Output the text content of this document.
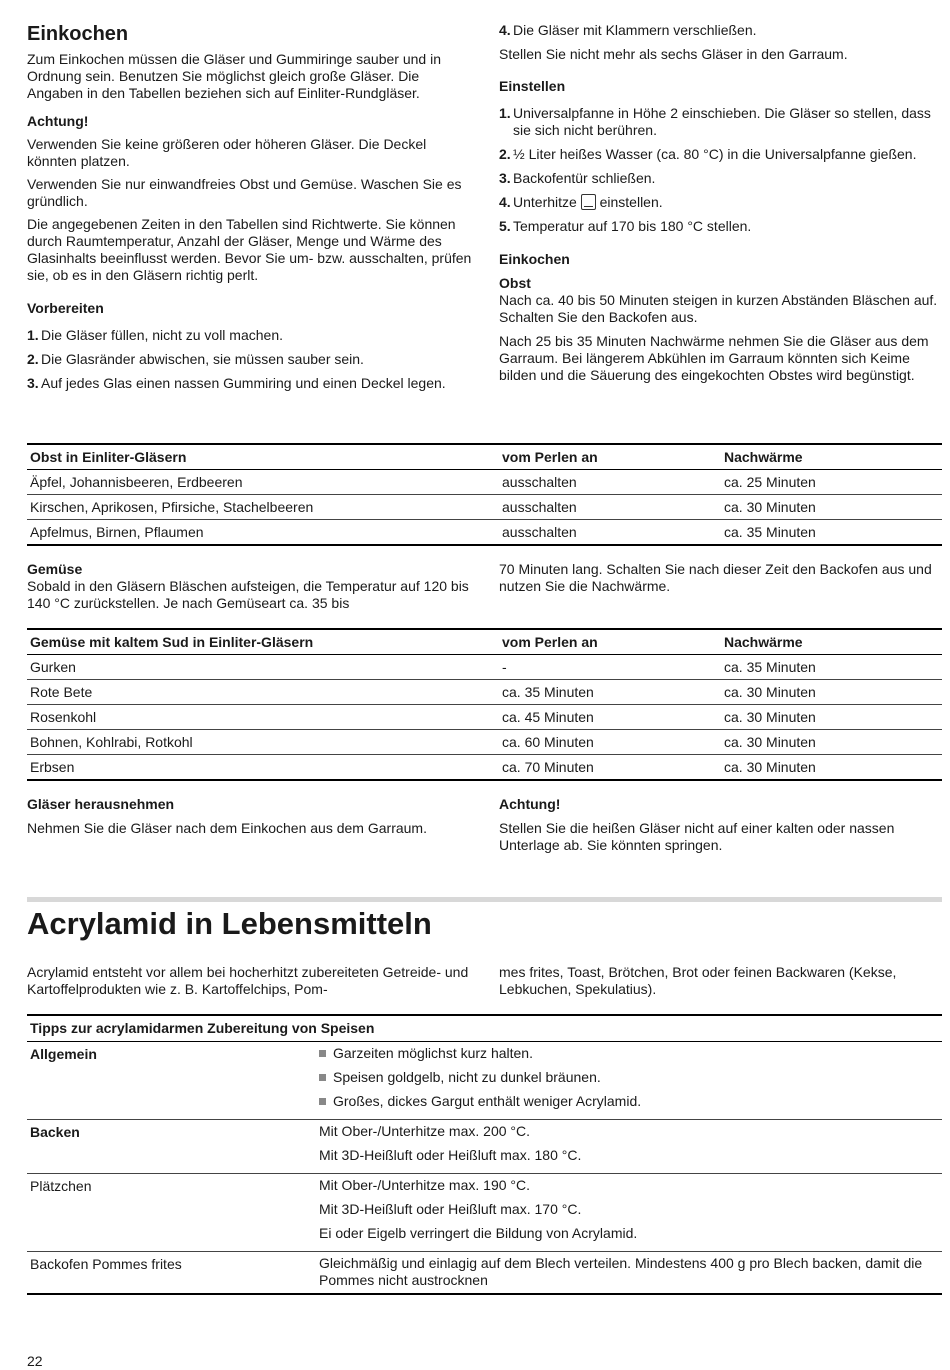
Einkochen

Zum Einkochen müssen die Gläser und Gummiringe sauber und in Ordnung sein. Benutzen Sie möglichst gleich große Gläser. Die Angaben in den Tabellen beziehen sich auf Einliter-Rundgläser.

Achtung!

Verwenden Sie keine größeren oder höheren Gläser. Die Deckel könnten platzen.

Verwenden Sie nur einwandfreies Obst und Gemüse. Waschen Sie es gründlich.

Die angegebenen Zeiten in den Tabellen sind Richtwerte. Sie können durch Raumtemperatur, Anzahl der Gläser, Menge und Wärme des Glasinhalts beeinflusst werden. Bevor Sie um- bzw. ausschalten, prüfen sie, ob es in den Gläsern richtig perlt.

Vorbereiten
1. Die Gläser füllen, nicht zu voll machen.
2. Die Glasränder abwischen, sie müssen sauber sein.
3. Auf jedes Glas einen nassen Gummiring und einen Deckel legen.
4. Die Gläser mit Klammern verschließen.

Stellen Sie nicht mehr als sechs Gläser in den Garraum.

Einstellen
1. Universalpfanne in Höhe 2 einschieben. Die Gläser so stellen, dass sie sich nicht berühren.
2. ½ Liter heißes Wasser (ca. 80 °C) in die Universalpfanne gießen.
3. Backofentür schließen.
4. Unterhitze einstellen.
5. Temperatur auf 170 bis 180 °C stellen.
Einkochen
Obst

Nach ca. 40 bis 50 Minuten steigen in kurzen Abständen Bläschen auf. Schalten Sie den Backofen aus.

Nach 25 bis 35 Minuten Nachwärme nehmen Sie die Gläser aus dem Garraum. Bei längerem Abkühlen im Garraum könnten sich Keime bilden und die Säuerung des eingekochten Obstes wird begünstigt.

Obst in Einliter-Gläsern	vom Perlen an	Nachwärme
Äpfel, Johannisbeeren, Erdbeeren	ausschalten	ca. 25 Minuten
Kirschen, Aprikosen, Pfirsiche, Stachelbeeren	ausschalten	ca. 30 Minuten
Apfelmus, Birnen, Pflaumen	ausschalten	ca. 35 Minuten
Gemüse

Sobald in den Gläsern Bläschen aufsteigen, die Temperatur auf 120 bis 140 °C zurückstellen. Je nach Gemüseart ca. 35 bis

70 Minuten lang. Schalten Sie nach dieser Zeit den Backofen aus und nutzen Sie die Nachwärme.

Gemüse mit kaltem Sud in Einliter-Gläsern	vom Perlen an	Nachwärme
Gurken	-	ca. 35 Minuten
Rote Bete	ca. 35 Minuten	ca. 30 Minuten
Rosenkohl	ca. 45 Minuten	ca. 30 Minuten
Bohnen, Kohlrabi, Rotkohl	ca. 60 Minuten	ca. 30 Minuten
Erbsen	ca. 70 Minuten	ca. 30 Minuten
Gläser herausnehmen

Nehmen Sie die Gläser nach dem Einkochen aus dem Garraum.

Achtung!

Stellen Sie die heißen Gläser nicht auf einer kalten oder nassen Unterlage ab. Sie könnten springen.

Acrylamid in Lebensmitteln

Acrylamid entsteht vor allem bei hocherhitzt zubereiteten Getreide- und Kartoffelprodukten wie z. B. Kartoffelchips, Pom-

mes frites, Toast, Brötchen, Brot oder feinen Backwaren (Kekse, Lebkuchen, Spekulatius).

Tipps zur acrylamidarmen Zubereitung von Speisen
Allgemein	Garzeiten möglichst kurz halten.
Speisen goldgelb, nicht zu dunkel bräunen.
Großes, dickes Gargut enthält weniger Acrylamid.
Backen	Mit Ober-/Unterhitze max. 200 °C.
Mit 3D-Heißluft oder Heißluft max. 180 °C.
Plätzchen	Mit Ober-/Unterhitze max. 190 °C.
Mit 3D-Heißluft oder Heißluft max. 170 °C.
Ei oder Eigelb verringert die Bildung von Acrylamid.
Backofen Pommes frites	Gleichmäßig und einlagig auf dem Blech verteilen. Mindestens 400 g pro Blech backen, damit die Pommes nicht austrocknen
22
